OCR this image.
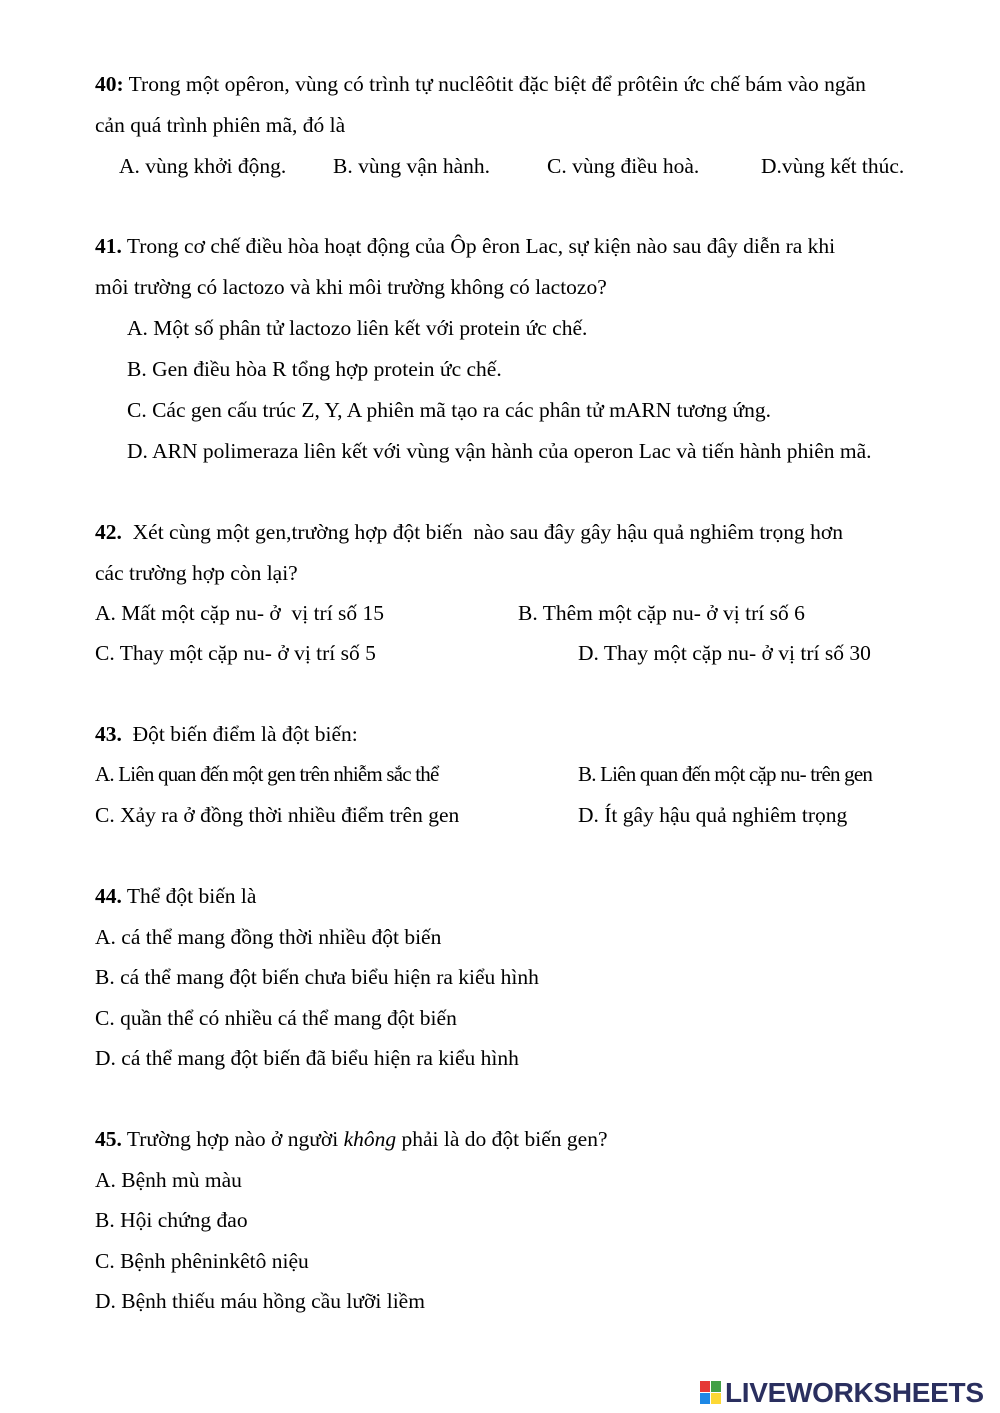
40: Trong một opêron, vùng có trình tự nuclêôtit đặc biệt để prôtêin ức chế bám vào ngăn
cản quá trình phiên mã, đó là
A. vùng khởi động. B. vùng vận hành.	C. vùng điều hoà.	D.vùng kết thúc.
41. Trong cơ chế điều hòa hoạt động của Ôp êron Lac, sự kiện nào sau đây diễn ra khi
môi trường có lactozo và khi môi trường không có lactozo?
A. Một số phân tử lactozo liên kết với protein ức chế.
B. Gen điều hòa R tổng hợp protein ức chế.
C. Các gen cấu trúc Z, Y, A phiên mã tạo ra các phân tử mARN tương ứng.
D. ARN polimeraza liên kết với vùng vận hành của operon Lac và tiến hành phiên mã.
42.  Xét cùng một gen,trường hợp đột biến  nào sau đây gây hậu quả nghiêm trọng hơn
các trường hợp còn lại?
A. Mất một cặp nu- ở  vị trí số 15	B. Thêm một cặp nu- ở vị trí số 6
C. Thay một cặp nu- ở vị trí số 5	D. Thay một cặp nu- ở vị trí số 30
43.  Đột biến điểm là đột biến:
A. Liên quan đến một gen trên nhiễm sắc thể	B. Liên quan đến một cặp nu- trên gen
C. Xảy ra ở đồng thời nhiều điểm trên gen	D. Ít gây hậu quả nghiêm trọng
44. Thể đột biến là
A. cá thể mang đồng thời nhiều đột biến
B. cá thể mang đột biến chưa biểu hiện ra kiểu hình
C. quần thể có nhiều cá thể mang đột biến
D. cá thể mang đột biến đã biểu hiện ra kiểu hình
45. Trường hợp nào ở người không phải là do đột biến gen?
A. Bệnh mù màu
B. Hội chứng đao
C. Bệnh phêninkêtô niệu
D. Bệnh thiếu máu hồng cầu lưỡi liềm
LIVEWORKSHEETS
